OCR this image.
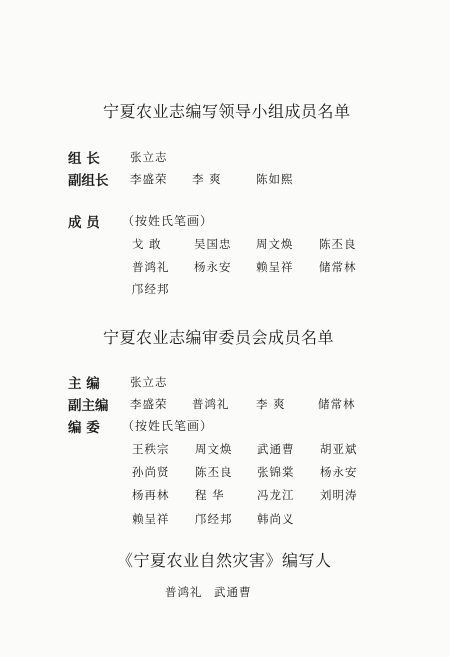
宁夏农业志编写领导小组成员名单
组 长	张立志
副组长 李盛荣 李 爽	陈如熙
成 员 （按姓氏笔画）
戈 敢	吴国忠 周文焕 陈丕良
普鸿礼 杨永安 赖呈祥 储常林
邝经邦
宁夏农业志编审委员会成员名单
主 编	张立志
副主编 李盛荣 普鸿礼 李 爽	储常林
编 委 （按姓氏笔画）
王秩宗 周文焕 武通曹 胡亚斌
孙尚贤 陈丕良 张锦棠 杨永安
杨再林 程 华	冯龙江 刘明涛
赖呈祥 邝经邦 韩尚义
《宁夏农业自然灾害》编写人
普鸿礼 武通曹
